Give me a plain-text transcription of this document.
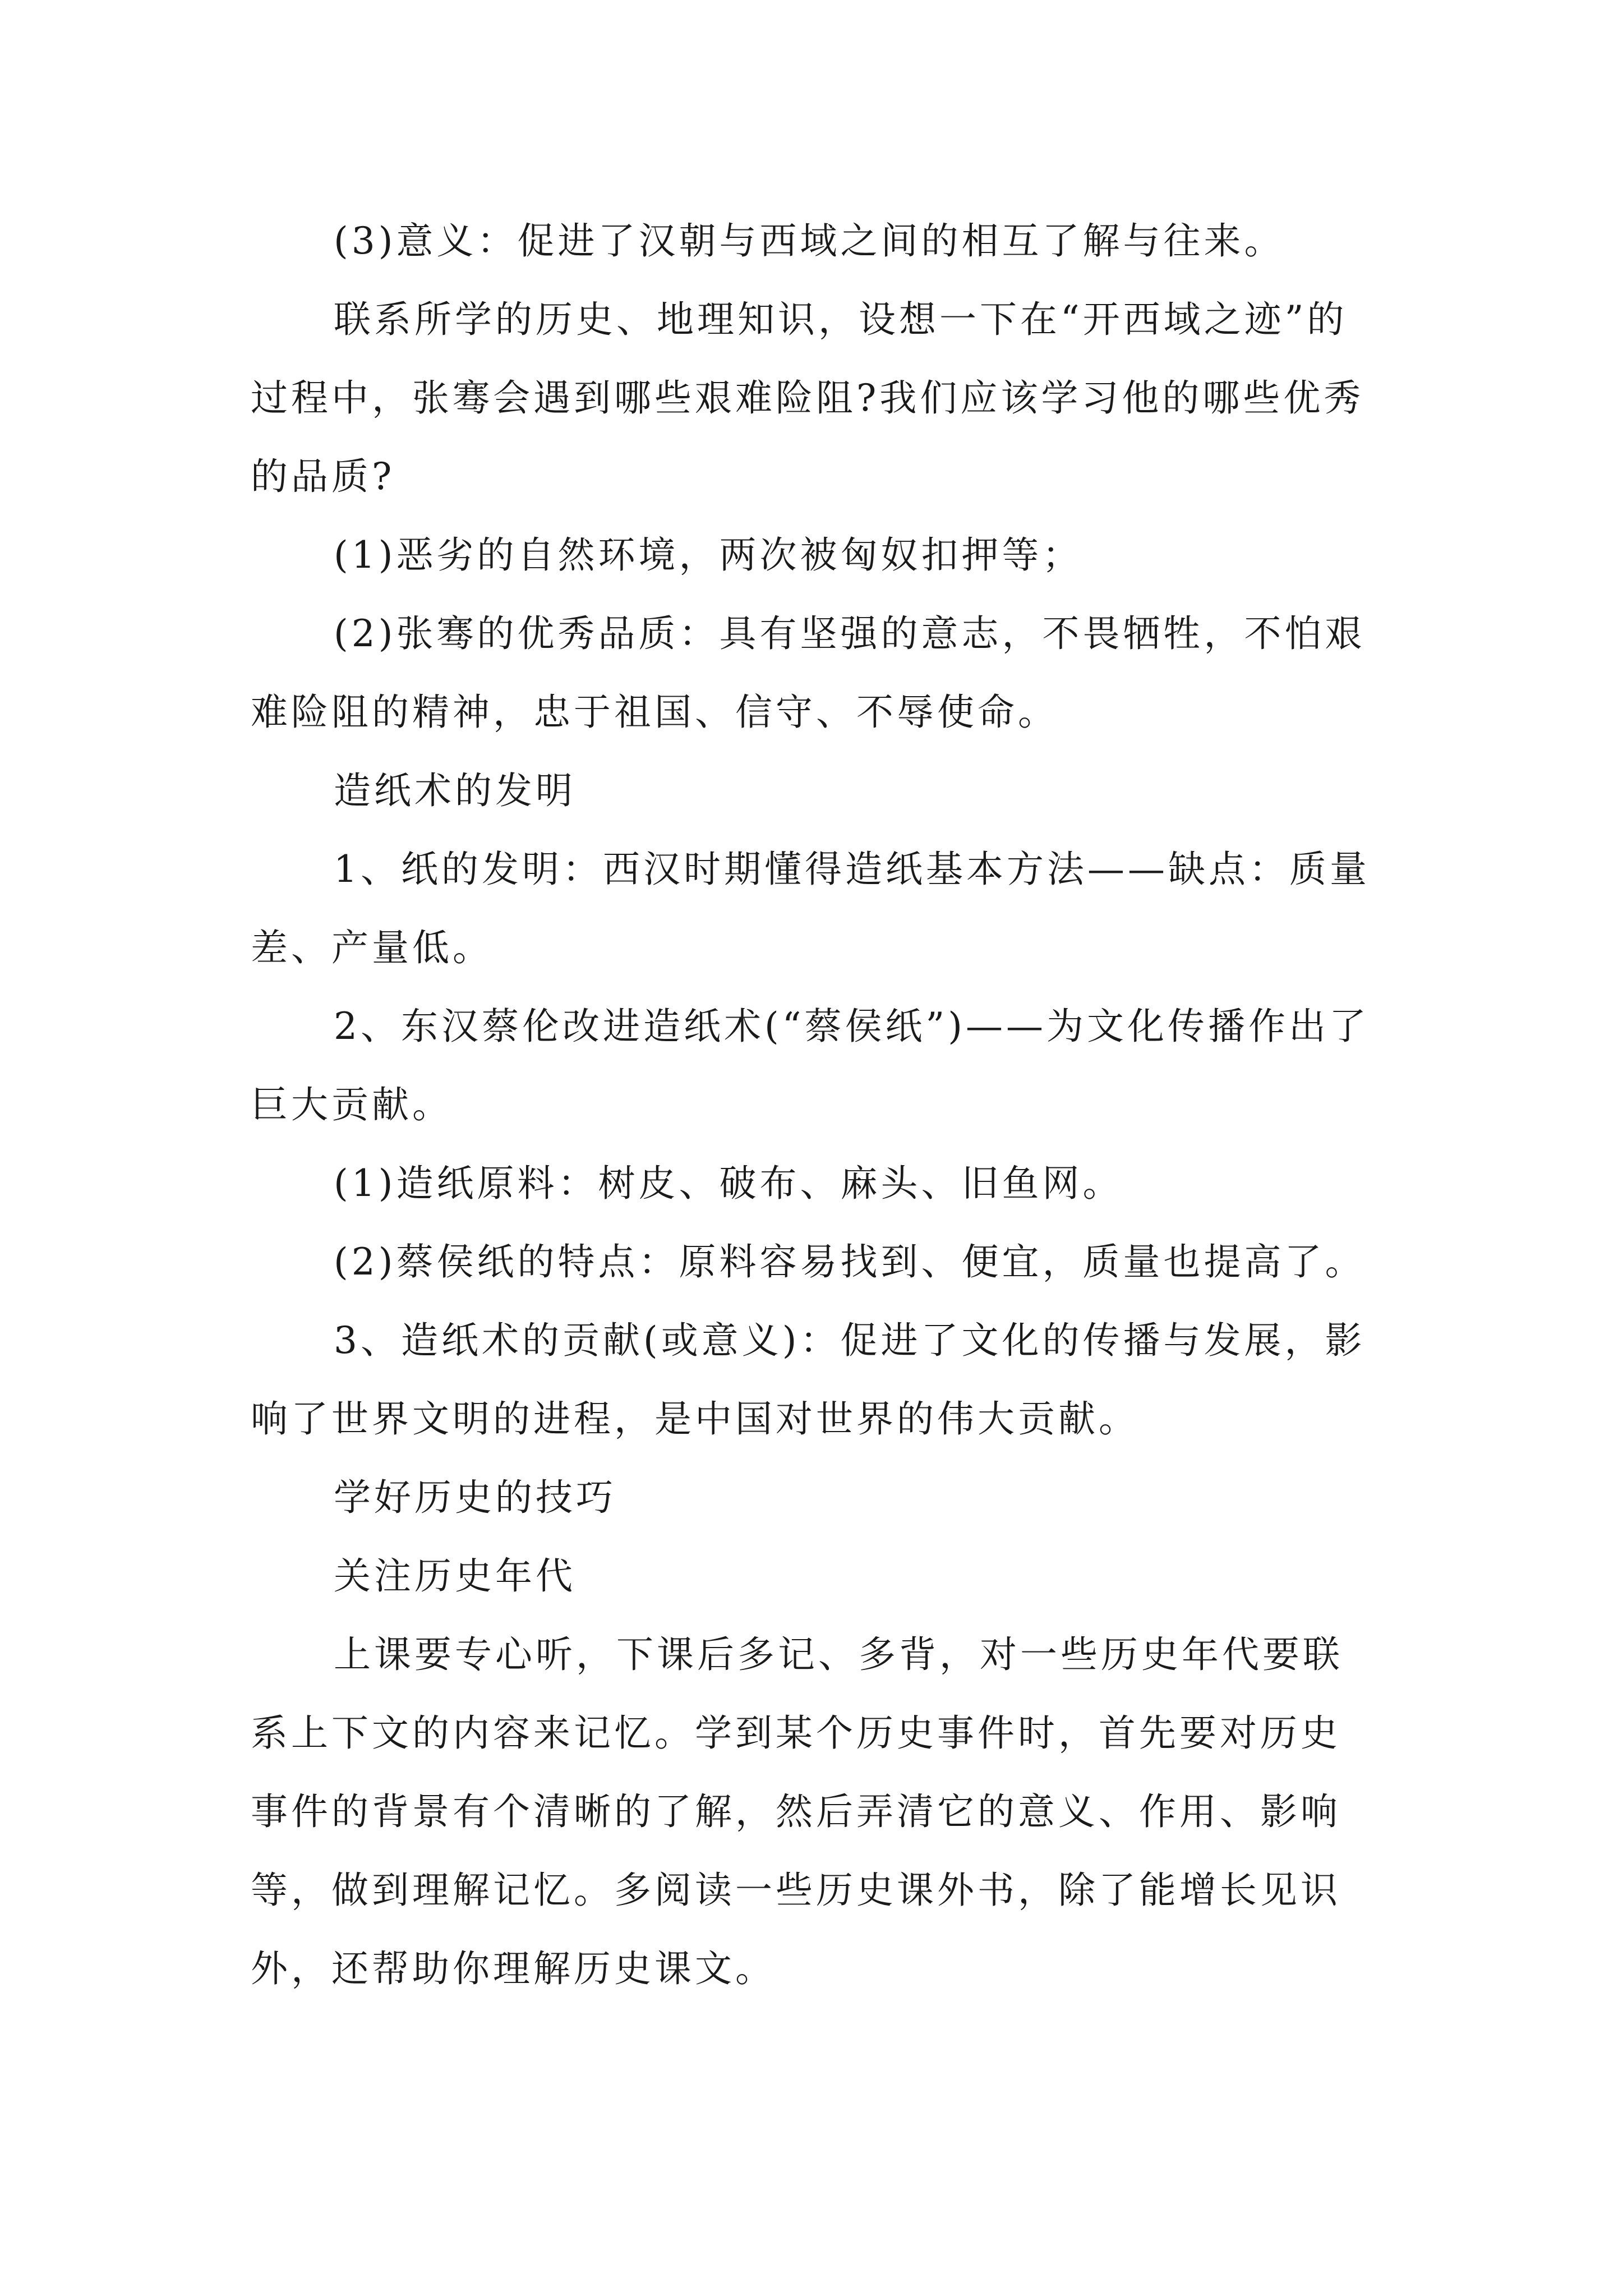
(3)意义：促进了汉朝与西域之间的相互了解与往来。

联系所学的历史、地理知识，设想一下在“开西域之迹”的过程中，张骞会遇到哪些艰难险阻?我们应该学习他的哪些优秀的品质?

(1)恶劣的自然环境，两次被匈奴扣押等；

(2)张骞的优秀品质：具有坚强的意志，不畏牺牲，不怕艰难险阻的精神，忠于祖国、信守、不辱使命。

造纸术的发明

1、纸的发明：西汉时期懂得造纸基本方法——缺点：质量差、产量低。

2、东汉蔡伦改进造纸术(“蔡侯纸”)——为文化传播作出了巨大贡献。

(1)造纸原料：树皮、破布、麻头、旧鱼网。

(2)蔡侯纸的特点：原料容易找到、便宜，质量也提高了。

3、造纸术的贡献(或意义)：促进了文化的传播与发展，影响了世界文明的进程，是中国对世界的伟大贡献。

学好历史的技巧

关注历史年代

上课要专心听，下课后多记、多背，对一些历史年代要联系上下文的内容来记忆。学到某个历史事件时，首先要对历史事件的背景有个清晰的了解，然后弄清它的意义、作用、影响等，做到理解记忆。多阅读一些历史课外书，除了能增长见识外，还帮助你理解历史课文。
